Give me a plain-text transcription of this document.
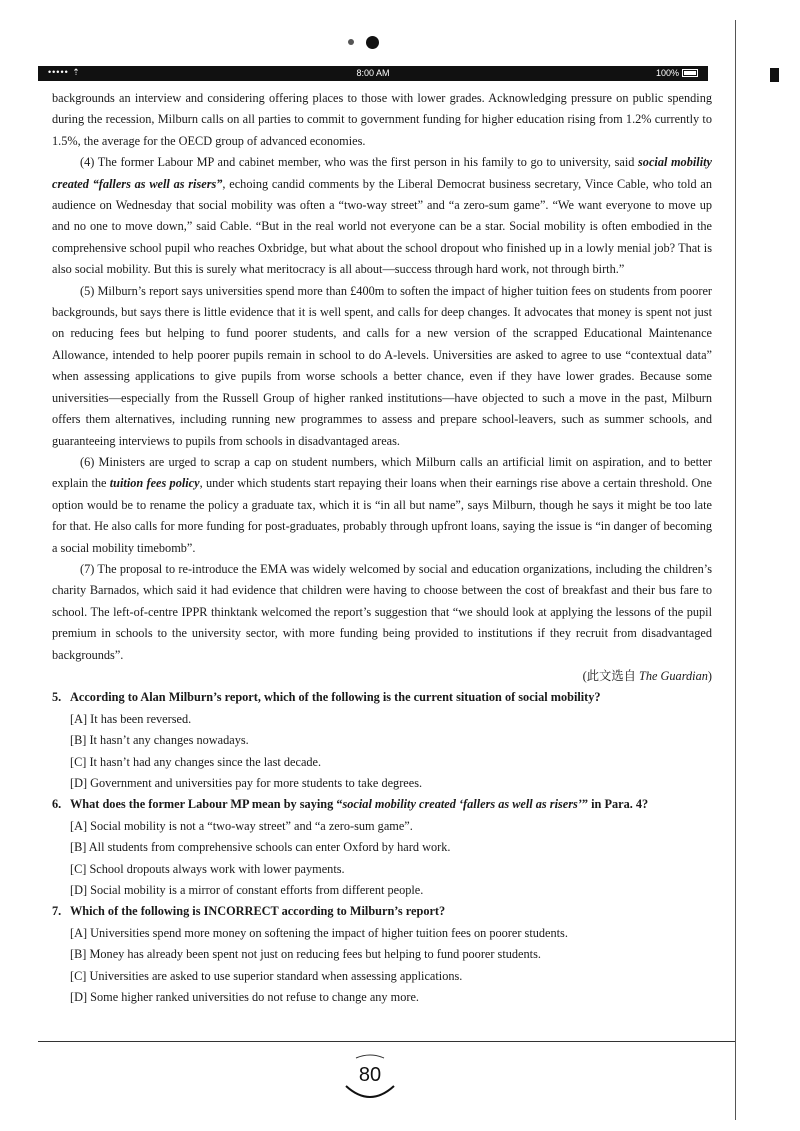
••••• ⇡	8:00 AM	100%

backgrounds an interview and considering offering places to those with lower grades. Acknowledging pressure on public spending during the recession, Milburn calls on all parties to commit to government funding for higher education rising from 1.2% currently to 1.5%, the average for the OECD group of advanced economies.

(4) The former Labour MP and cabinet member, who was the first person in his family to go to university, said social mobility created “fallers as well as risers”, echoing candid comments by the Liberal Democrat business secretary, Vince Cable, who told an audience on Wednesday that social mobility was often a “two-way street” and “a zero-sum game”. “We want everyone to move up and no one to move down,” said Cable. “But in the real world not everyone can be a star. Social mobility is often embodied in the comprehensive school pupil who reaches Oxbridge, but what about the school dropout who finished up in a lowly menial job? That is also social mobility. But this is surely what meritocracy is all about—success through hard work, not through birth.”

(5) Milburn’s report says universities spend more than £400m to soften the impact of higher tuition fees on students from poorer backgrounds, but says there is little evidence that it is well spent, and calls for deep changes. It advocates that money is spent not just on reducing fees but helping to fund poorer students, and calls for a new version of the scrapped Educational Maintenance Allowance, intended to help poorer pupils remain in school to do A-levels. Universities are asked to agree to use “contextual data” when assessing applications to give pupils from worse schools a better chance, even if they have lower grades. Because some universities—especially from the Russell Group of higher ranked institutions—have objected to such a move in the past, Milburn offers them alternatives, including running new programmes to assess and prepare school-leavers, such as summer schools, and guaranteeing interviews to pupils from schools in disadvantaged areas.

(6) Ministers are urged to scrap a cap on student numbers, which Milburn calls an artificial limit on aspiration, and to better explain the tuition fees policy, under which students start repaying their loans when their earnings rise above a certain threshold. One option would be to rename the policy a graduate tax, which it is “in all but name”, says Milburn, though he says it might be too late for that. He also calls for more funding for post-graduates, probably through upfront loans, saying the issue is “in danger of becoming a social mobility timebomb”.

(7) The proposal to re-introduce the EMA was widely welcomed by social and education organizations, including the children’s charity Barnados, which said it had evidence that children were having to choose between the cost of breakfast and their bus fare to school. The left-of-centre IPPR thinktank welcomed the report’s suggestion that “we should look at applying the lessons of the pupil premium in schools to the university sector, with more funding being provided to institutions if they recruit from disadvantaged backgrounds”.

(此文选自 The Guardian)

5. According to Alan Milburn’s report, which of the following is the current situation of social mobility?

[A] It has been reversed.

[B] It hasn’t any changes nowadays.

[C] It hasn’t had any changes since the last decade.

[D] Government and universities pay for more students to take degrees.

6. What does the former Labour MP mean by saying “social mobility created ‘fallers as well as risers’” in Para. 4?

[A] Social mobility is not a “two-way street” and “a zero-sum game”.

[B] All students from comprehensive schools can enter Oxford by hard work.

[C] School dropouts always work with lower payments.

[D] Social mobility is a mirror of constant efforts from different people.

7. Which of the following is INCORRECT according to Milburn’s report?

[A] Universities spend more money on softening the impact of higher tuition fees on poorer students.

[B] Money has already been spent not just on reducing fees but helping to fund poorer students.

[C] Universities are asked to use superior standard when assessing applications.

[D] Some higher ranked universities do not refuse to change any more.

80
